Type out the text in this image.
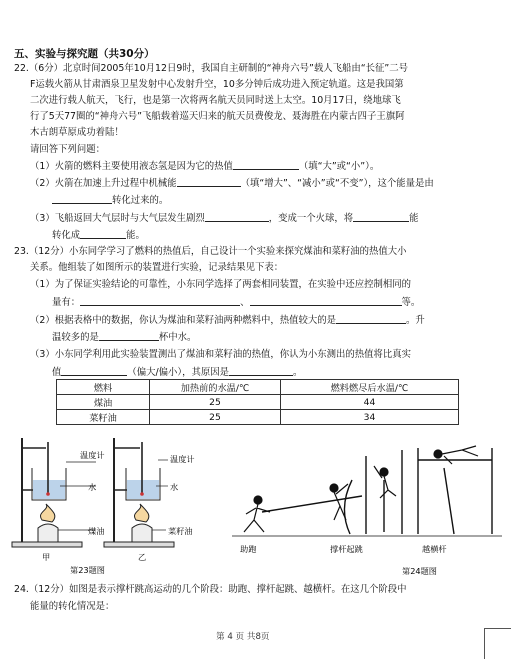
五、实验与探究题（共30分）
22.（6分）北京时间2005年10月12日9时，我国自主研制的“神舟六号”载人飞船由“长征”二号
F运载火箭从甘肃酒泉卫星发射中心发射升空，10多分钟后成功进入预定轨道。这是我国第
二次进行载人航天，飞行，也是第一次将两名航天员同时送上太空。10月17日，绕地球飞
行了5天77圈的“神舟六号”飞船载着巡天归来的航天员费俊龙、聂海胜在内蒙古四子王旗阿
木古朗草原成功着陆！
请回答下列问题：
（1）火箭的燃料主要使用液态氢是因为它的热值	（填“大”或“小”）。
（2）火箭在加速上升过程中机械能	（填“增大”、“减小”或“不变”），这个能量是由
转化过来的。
（3）飞船返回大气层时与大气层发生剧烈	，变成一个火球，将	能
转化成	能。
23.（12分）小东同学学习了燃料的热值后，自己设计一个实验来探究煤油和菜籽油的热值大小
关系。他组装了如图所示的装置进行实验，记录结果见下表：
（1）为了保证实验结论的可靠性，小东同学选择了两套相同装置，在实验中还应控制相同的
量有：	、	等。
（2）根据表格中的数据，你认为煤油和菜籽油两种燃料中，热值较大的是	。升
温较多的是	杯中水。
（3）小东同学利用此实验装置测出了煤油和菜籽油的热值，你认为小东测出的热值将比真实
值	（偏大/偏小），其原因是	。
燃料	加热前的水温/℃	燃料燃尽后水温/℃
煤油	25	44
菜籽油	25	34
温度计
水
煤油
甲
温度计
水
菜籽油
乙
第23题图
助跑	撑杆起跳	越横杆
第24题图
24.（12分）如图是表示撑杆跳高运动的几个阶段：助跑、撑杆起跳、越横杆。在这几个阶段中
能量的转化情况是：
第 4 页 共8页
